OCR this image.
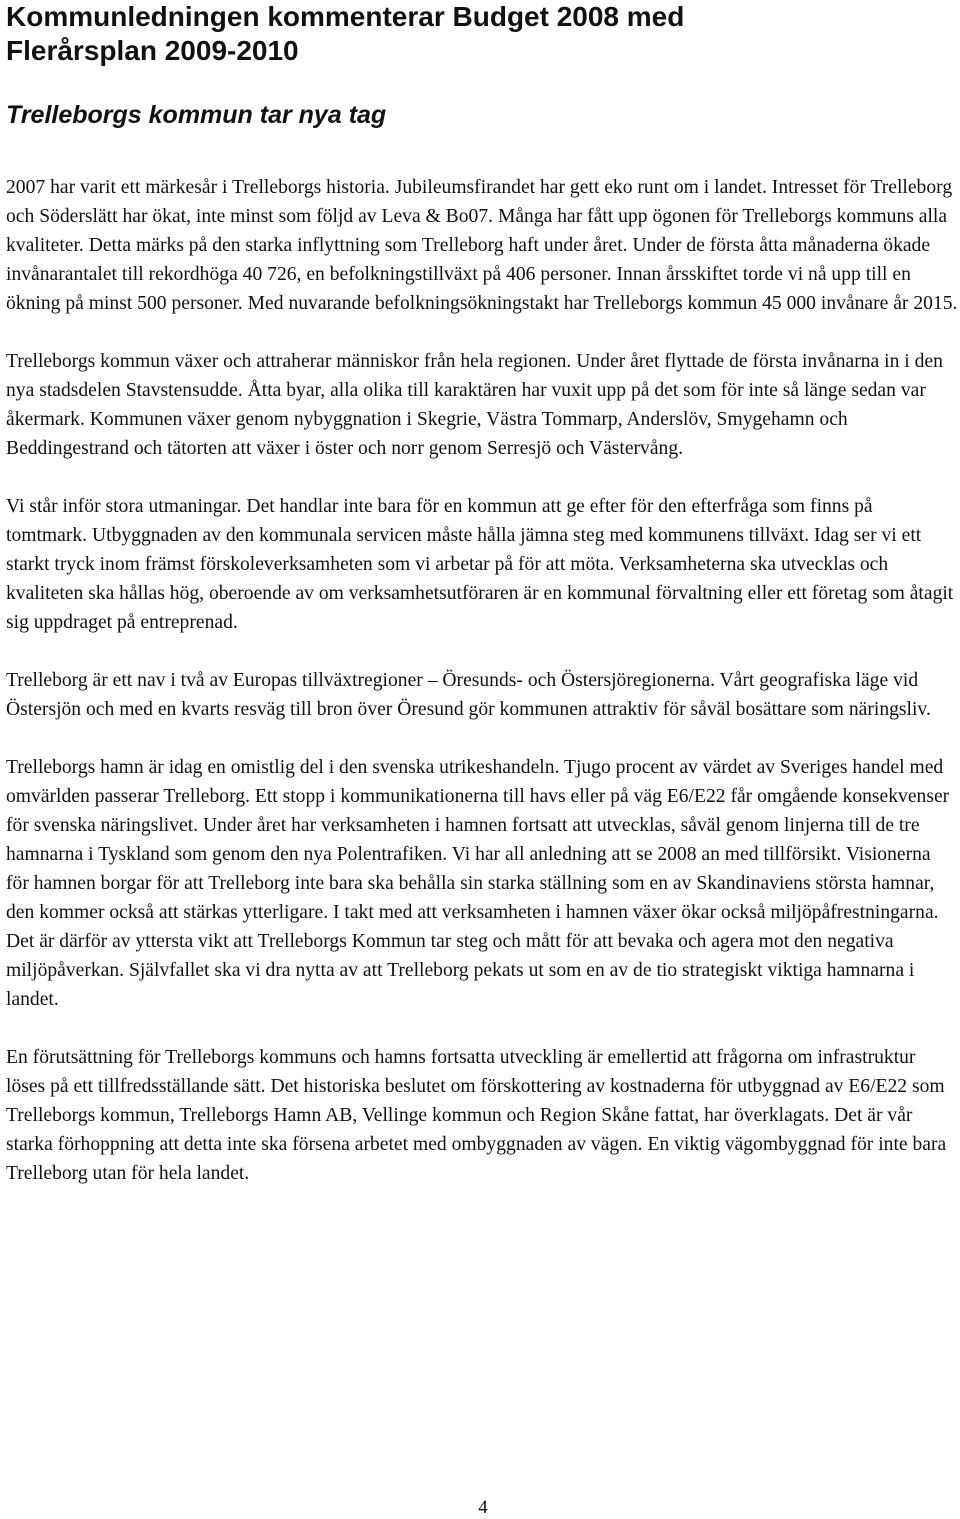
Kommunledningen kommenterar Budget 2008 med
Flerårsplan 2009-2010
Trelleborgs kommun tar nya tag

2007 har varit ett märkesår i Trelleborgs historia. Jubileumsfirandet har gett eko runt om i landet. Intresset för Trelleborg och Söderslätt har ökat, inte minst som följd av Leva & Bo07. Många har fått upp ögonen för Trelleborgs kommuns alla kvaliteter. Detta märks på den starka inflyttning som Trelleborg haft under året. Under de första åtta månaderna ökade invånarantalet till rekordhöga 40 726, en befolkningstillväxt på 406 personer. Innan årsskiftet torde vi nå upp till en ökning på minst 500 personer. Med nuvarande befolkningsökningstakt har Trelleborgs kommun 45 000 invånare år 2015.

Trelleborgs kommun växer och attraherar människor från hela regionen. Under året flyttade de första invånarna in i den nya stadsdelen Stavstensudde. Åtta byar, alla olika till karaktären har vuxit upp på det som för inte så länge sedan var åkermark. Kommunen växer genom nybyggnation i Skegrie, Västra Tommarp, Anderslöv, Smygehamn och Beddingestrand och tätorten att växer i öster och norr genom Serresjö och Västervång.

Vi står inför stora utmaningar. Det handlar inte bara för en kommun att ge efter för den efterfråga som finns på tomtmark. Utbyggnaden av den kommunala servicen måste hålla jämna steg med kommunens tillväxt. Idag ser vi ett starkt tryck inom främst förskoleverksamheten som vi arbetar på för att möta. Verksamheterna ska utvecklas och kvaliteten ska hållas hög, oberoende av om verksamhetsutföraren är en kommunal förvaltning eller ett företag som åtagit sig uppdraget på entreprenad.

Trelleborg är ett nav i två av Europas tillväxtregioner – Öresunds- och Östersjöregionerna. Vårt geografiska läge vid Östersjön och med en kvarts resväg till bron över Öresund gör kommunen attraktiv för såväl bosättare som näringsliv.

Trelleborgs hamn är idag en omistlig del i den svenska utrikeshandeln. Tjugo procent av värdet av Sveriges handel med omvärlden passerar Trelleborg. Ett stopp i kommunikationerna till havs eller på väg E6/E22 får omgående konsekvenser för svenska näringslivet. Under året har verksamheten i hamnen fortsatt att utvecklas, såväl genom linjerna till de tre hamnarna i Tyskland som genom den nya Polentrafiken. Vi har all anledning att se 2008 an med tillförsikt. Visionerna för hamnen borgar för att Trelleborg inte bara ska behålla sin starka ställning som en av Skandinaviens största hamnar, den kommer också att stärkas ytterligare. I takt med att verksamheten i hamnen växer ökar också miljöpåfrestningarna. Det är därför av yttersta vikt att Trelleborgs Kommun tar steg och mått för att bevaka och agera mot den negativa miljöpåverkan. Självfallet ska vi dra nytta av att Trelleborg pekats ut som en av de tio strategiskt viktiga hamnarna i landet.

En förutsättning för Trelleborgs kommuns och hamns fortsatta utveckling är emellertid att frågorna om infrastruktur löses på ett tillfredsställande sätt. Det historiska beslutet om förskottering av kostnaderna för utbyggnad av E6/E22 som Trelleborgs kommun, Trelleborgs Hamn AB, Vellinge kommun och Region Skåne fattat, har överklagats. Det är vår starka förhoppning att detta inte ska försena arbetet med ombyggnaden av vägen. En viktig vägombyggnad för inte bara Trelleborg utan för hela landet.

4
